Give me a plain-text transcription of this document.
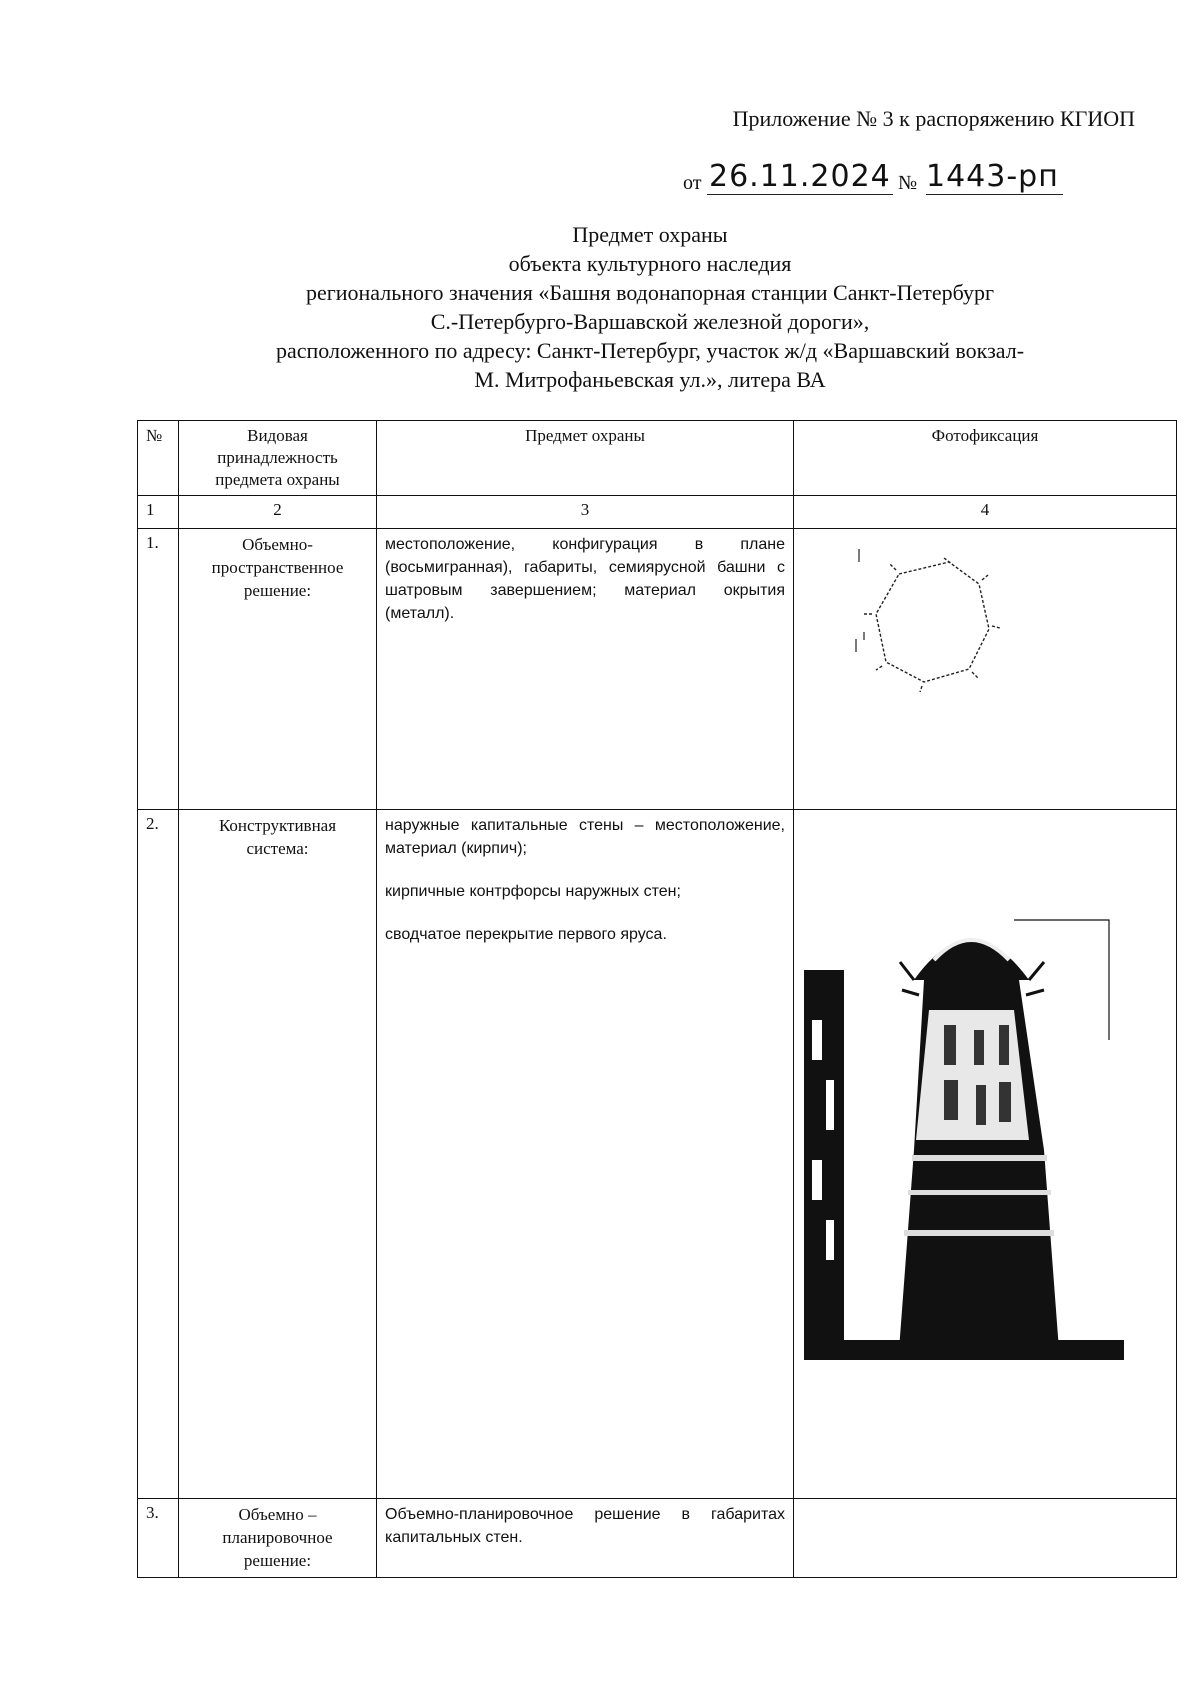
Приложение № 3 к распоряжению КГИОП
от 26.11.2024 № 1443-рп
Предмет охраны
объекта культурного наследия
регионального значения «Башня водонапорная станции Санкт-Петербург
С.-Петербурго-Варшавской железной дороги»,
расположенного по адресу: Санкт-Петербург, участок ж/д «Варшавский вокзал-
М. Митрофаньевская ул.», литера ВА
№	Видовая принадлежность предмета охраны	Предмет охраны	Фотофиксация
1	2	3	4
1.	Объемно-пространственное решение:	местоположение, конфигурация в плане (восьмигранная), габариты, семиярусной башни с шатровым завершением; материал окрытия (металл).

2.	Конструктивная система:	наружные капитальные стены – местоположение, материал (кирпич);

кирпичные контрфорсы наружных стен;

сводчатое перекрытие первого яруса.

3.	Объемно – планировочное решение:	Объемно-планировочное решение в габаритах капитальных стен.	
